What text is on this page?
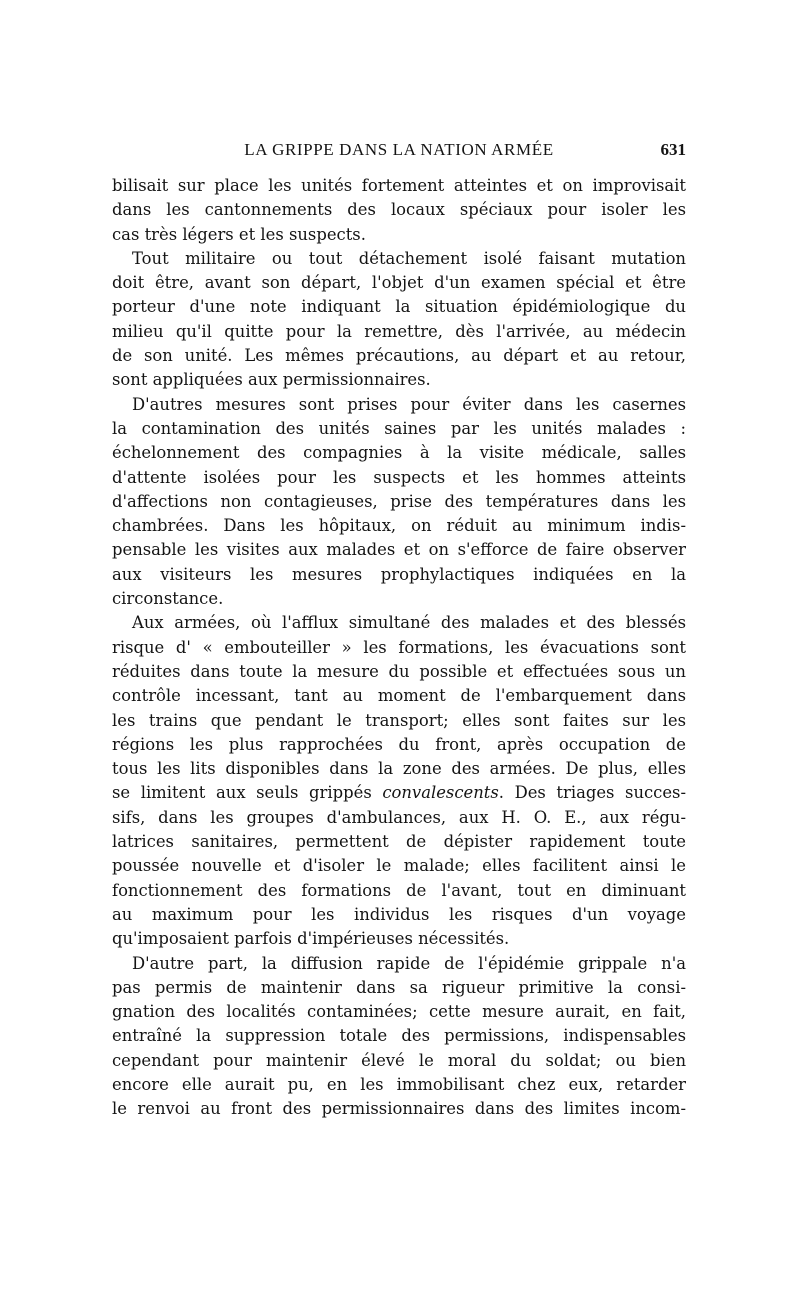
LA GRIPPE DANS LA NATION ARMÉE	631
bilisait sur place les unités fortement atteintes et on improvisait
dans les cantonnements des locaux spéciaux pour isoler les
cas très légers et les suspects.
Tout militaire ou tout détachement isolé faisant mutation
doit être, avant son départ, l'objet d'un examen spécial et être
porteur d'une note indiquant la situation épidémiologique du
milieu qu'il quitte pour la remettre, dès l'arrivée, au médecin
de son unité. Les mêmes précautions, au départ et au retour,
sont appliquées aux permissionnaires.
D'autres mesures sont prises pour éviter dans les casernes
la contamination des unités saines par les unités malades :
échelonnement des compagnies à la visite médicale, salles
d'attente isolées pour les suspects et les hommes atteints
d'affections non contagieuses, prise des températures dans les
chambrées. Dans les hôpitaux, on réduit au minimum indis-
pensable les visites aux malades et on s'efforce de faire observer
aux visiteurs les mesures prophylactiques indiquées en la
circonstance.
Aux armées, où l'afflux simultané des malades et des blessés
risque d' « embouteiller » les formations, les évacuations sont
réduites dans toute la mesure du possible et effectuées sous un
contrôle incessant, tant au moment de l'embarquement dans
les trains que pendant le transport; elles sont faites sur les
régions les plus rapprochées du front, après occupation de
tous les lits disponibles dans la zone des armées. De plus, elles
se limitent aux seuls grippés convalescents. Des triages succes-
sifs, dans les groupes d'ambulances, aux H. O. E., aux régu-
latrices sanitaires, permettent de dépister rapidement toute
poussée nouvelle et d'isoler le malade; elles facilitent ainsi le
fonctionnement des formations de l'avant, tout en diminuant
au maximum pour les individus les risques d'un voyage
qu'imposaient parfois d'impérieuses nécessités.
D'autre part, la diffusion rapide de l'épidémie grippale n'a
pas permis de maintenir dans sa rigueur primitive la consi-
gnation des localités contaminées; cette mesure aurait, en fait,
entraîné la suppression totale des permissions, indispensables
cependant pour maintenir élevé le moral du soldat; ou bien
encore elle aurait pu, en les immobilisant chez eux, retarder
le renvoi au front des permissionnaires dans des limites incom-
